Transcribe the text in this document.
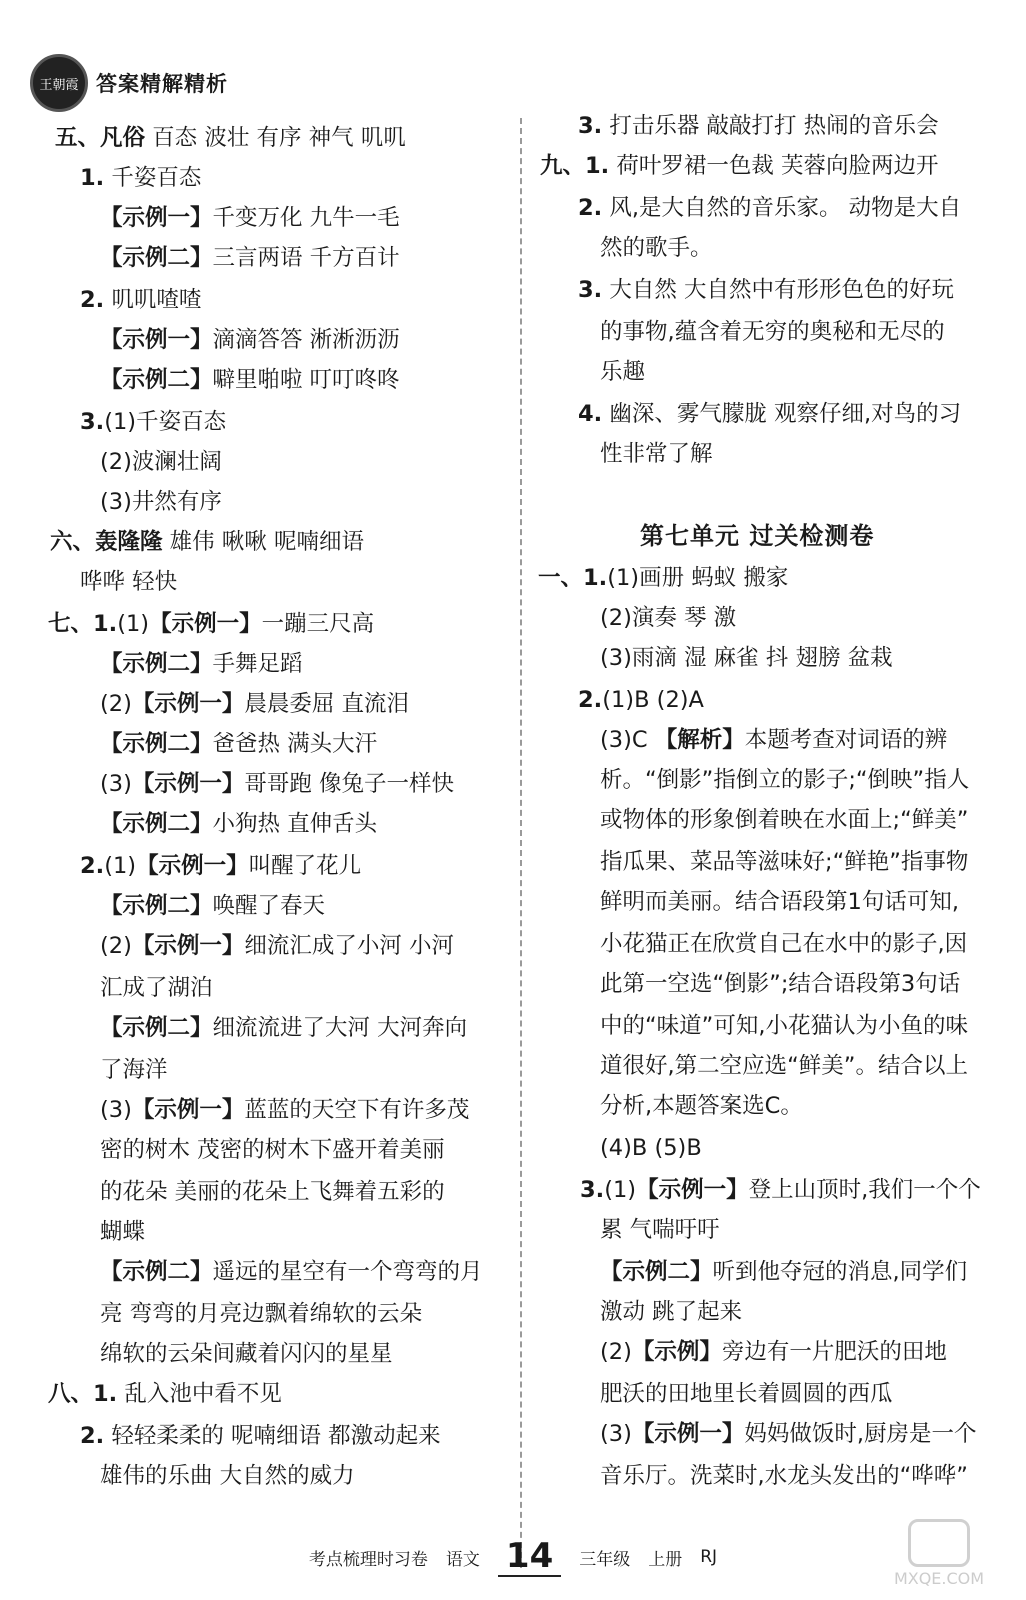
王朝霞 答案精解精析
五、凡俗 百态 波壮 有序 神气 叽叽
1. 千姿百态
【示例一】千变万化 九牛一毛
【示例二】三言两语 千方百计
2. 叽叽喳喳
【示例一】滴滴答答 淅淅沥沥
【示例二】噼里啪啦 叮叮咚咚
3.(1)千姿百态
(2)波澜壮阔
(3)井然有序
六、轰隆隆 雄伟 啾啾 呢喃细语
哗哗 轻快
七、1.(1)【示例一】一蹦三尺高
【示例二】手舞足蹈
(2)【示例一】晨晨委屈 直流泪
【示例二】爸爸热 满头大汗
(3)【示例一】哥哥跑 像兔子一样快
【示例二】小狗热 直伸舌头
2.(1)【示例一】叫醒了花儿
【示例二】唤醒了春天
(2)【示例一】细流汇成了小河 小河
汇成了湖泊
【示例二】细流流进了大河 大河奔向
了海洋
(3)【示例一】蓝蓝的天空下有许多茂
密的树木 茂密的树木下盛开着美丽
的花朵 美丽的花朵上飞舞着五彩的
蝴蝶
【示例二】遥远的星空有一个弯弯的月
亮 弯弯的月亮边飘着绵软的云朵
绵软的云朵间藏着闪闪的星星
八、1. 乱入池中看不见
2. 轻轻柔柔的 呢喃细语 都激动起来
雄伟的乐曲 大自然的威力
3. 打击乐器 敲敲打打 热闹的音乐会
九、1. 荷叶罗裙一色裁 芙蓉向脸两边开
2. 风,是大自然的音乐家。 动物是大自
然的歌手。
3. 大自然 大自然中有形形色色的好玩
的事物,蕴含着无穷的奥秘和无尽的
乐趣
4. 幽深、雾气朦胧 观察仔细,对鸟的习
性非常了解
第七单元 过关检测卷
一、1.(1)画册 蚂蚁 搬家
(2)演奏 琴 激
(3)雨滴 湿 麻雀 抖 翅膀 盆栽
2.(1)B (2)A
(3)C 【解析】本题考查对词语的辨
析。“倒影”指倒立的影子;“倒映”指人
或物体的形象倒着映在水面上;“鲜美”
指瓜果、菜品等滋味好;“鲜艳”指事物
鲜明而美丽。结合语段第1句话可知,
小花猫正在欣赏自己在水中的影子,因
此第一空选“倒影”;结合语段第3句话
中的“味道”可知,小花猫认为小鱼的味
道很好,第二空应选“鲜美”。结合以上
分析,本题答案选C。
(4)B (5)B
3.(1)【示例一】登上山顶时,我们一个个
累 气喘吁吁
【示例二】听到他夺冠的消息,同学们
激动 跳了起来
(2)【示例】旁边有一片肥沃的田地
肥沃的田地里长着圆圆的西瓜
(3)【示例一】妈妈做饭时,厨房是一个
音乐厅。洗菜时,水龙头发出的“哗哗”
考点梳理时习卷 语文 14	三年级 上册 RJ
MXQE.COM
